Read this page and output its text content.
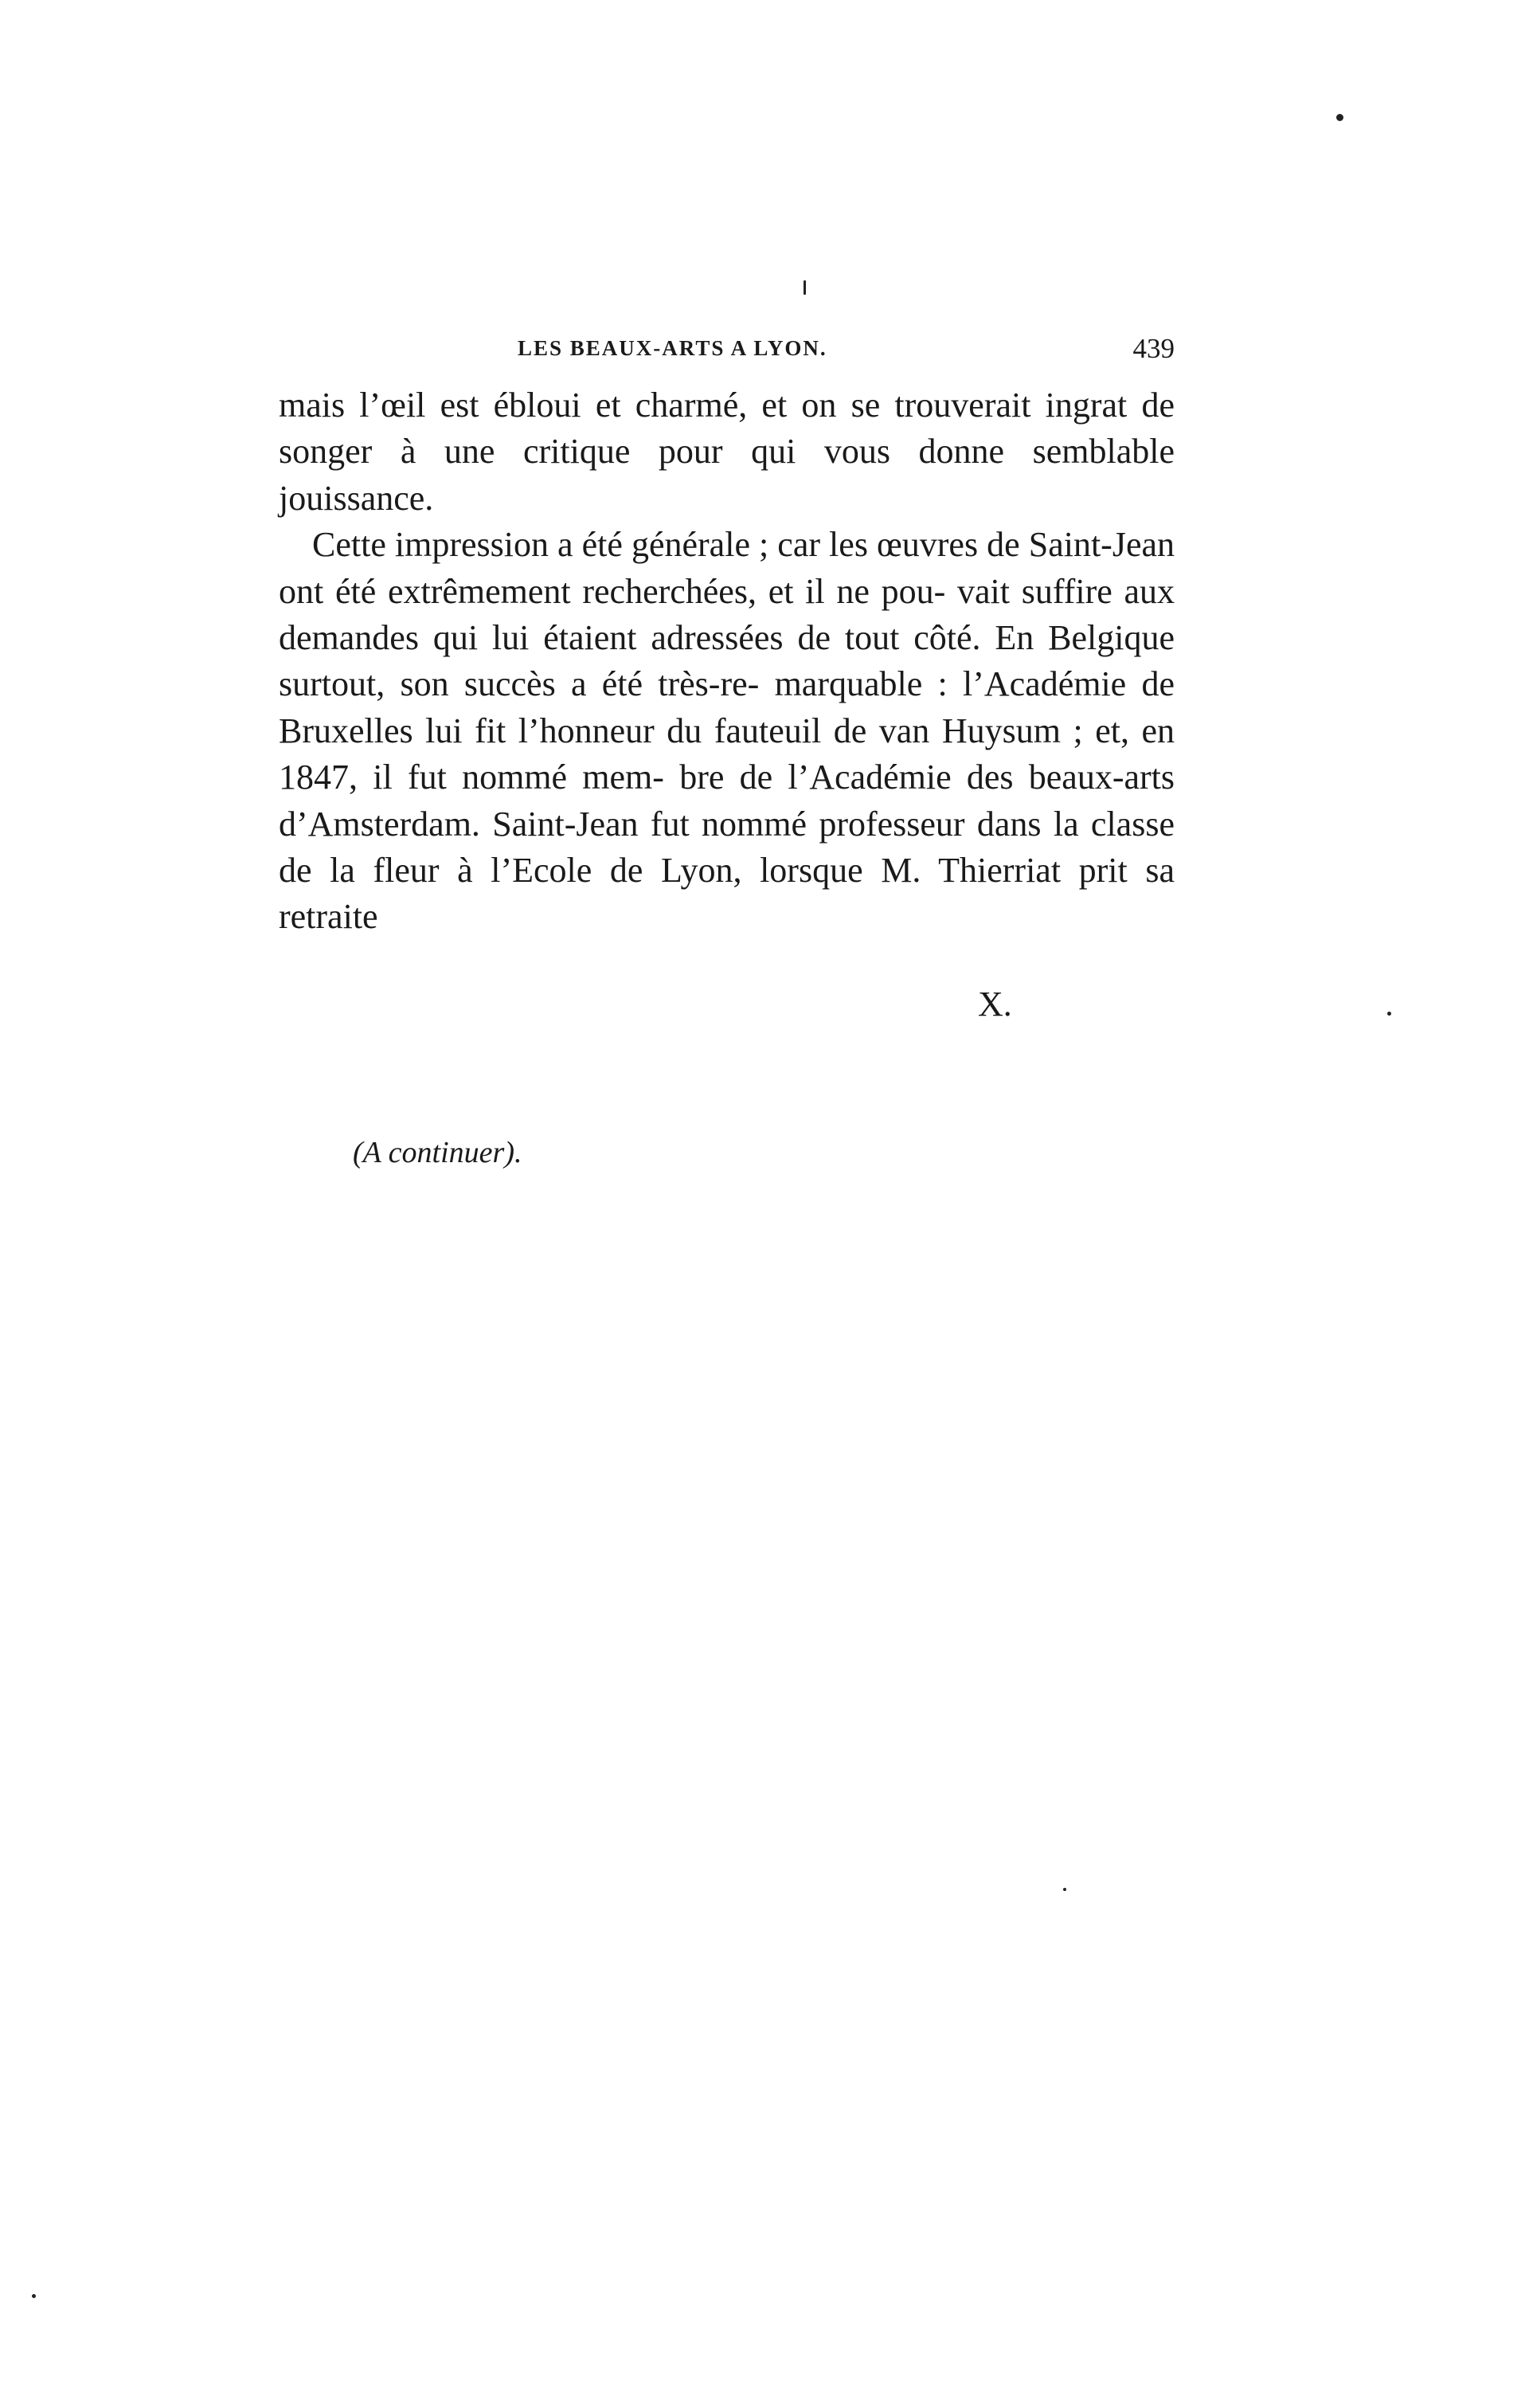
LES BEAUX-ARTS A LYON.	439

mais l’œil est ébloui et charmé, et on se trouverait ingrat de songer à une critique pour qui vous donne semblable jouissance.

Cette impression a été générale ; car les œuvres de Saint-Jean ont été extrêmement recherchées, et il ne pou- vait suffire aux demandes qui lui étaient adressées de tout côté. En Belgique surtout, son succès a été très-re- marquable : l’Académie de Bruxelles lui fit l’honneur du fauteuil de van Huysum ; et, en 1847, il fut nommé mem- bre de l’Académie des beaux-arts d’Amsterdam. Saint-Jean fut nommé professeur dans la classe de la fleur à l’Ecole de Lyon, lorsque M. Thierriat prit sa retraite

X.
(A continuer).
